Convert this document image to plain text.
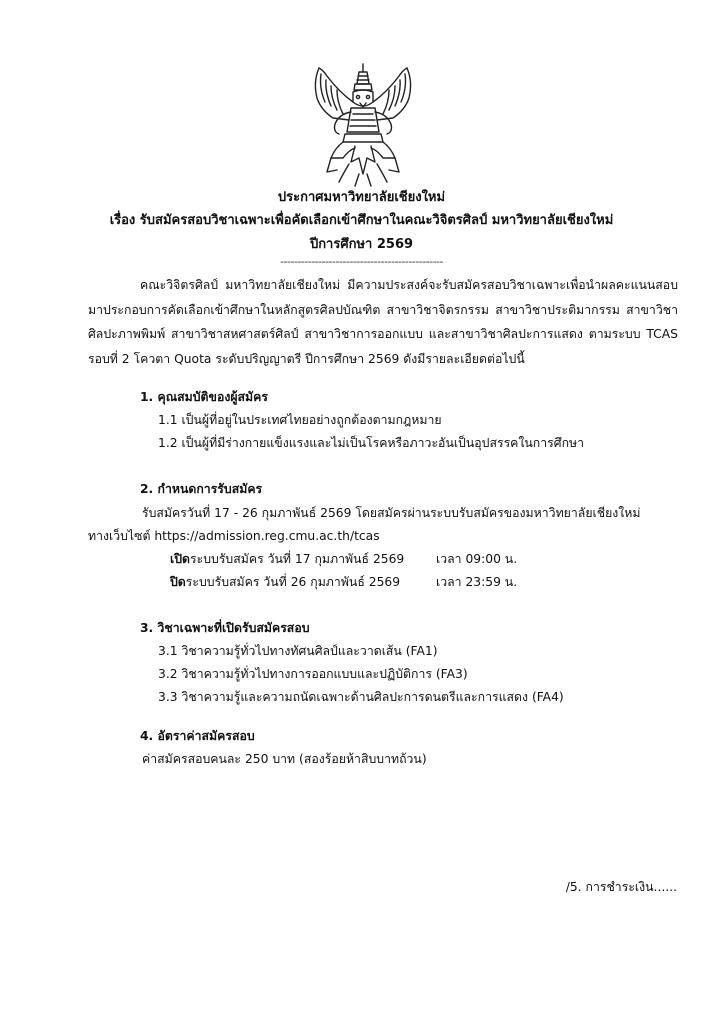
ประกาศมหาวิทยาลัยเชียงใหม่
เรื่อง รับสมัครสอบวิชาเฉพาะเพื่อคัดเลือกเข้าศึกษาในคณะวิจิตรศิลป์ มหาวิทยาลัยเชียงใหม่
ปีการศึกษา 2569
-----------------------------------------------
คณะวิจิตรศิลป์ มหาวิทยาลัยเชียงใหม่ มีความประสงค์จะรับสมัครสอบวิชาเฉพาะเพื่อนำผลคะแนนสอบ
มาประกอบการคัดเลือกเข้าศึกษาในหลักสูตรศิลปบัณฑิต สาขาวิชาจิตรกรรม สาขาวิชาประติมากรรม สาขาวิชา
ศิลปะภาพพิมพ์ สาขาวิชาสหศาสตร์ศิลป์ สาขาวิชาการออกแบบ และสาขาวิชาศิลปะการแสดง ตามระบบ TCAS
รอบที่ 2 โควตา Quota ระดับปริญญาตรี ปีการศึกษา 2569 ดังมีรายละเอียดต่อไปนี้
1. คุณสมบัติของผู้สมัคร
1.1 เป็นผู้ที่อยู่ในประเทศไทยอย่างถูกต้องตามกฎหมาย
1.2 เป็นผู้ที่มีร่างกายแข็งแรงและไม่เป็นโรคหรือภาวะอันเป็นอุปสรรคในการศึกษา
2. กำหนดการรับสมัคร
รับสมัครวันที่ 17 - 26 กุมภาพันธ์ 2569 โดยสมัครผ่านระบบรับสมัครของมหาวิทยาลัยเชียงใหม่
ทางเว็บไซต์ https://admission.reg.cmu.ac.th/tcas
เปิดระบบรับสมัคร วันที่ 17 กุมภาพันธ์ 2569	เวลา 09:00 น.
ปิดระบบรับสมัคร วันที่ 26 กุมภาพันธ์ 2569	เวลา 23:59 น.
3. วิชาเฉพาะที่เปิดรับสมัครสอบ
3.1 วิชาความรู้ทั่วไปทางทัศนศิลป์และวาดเส้น (FA1)
3.2 วิชาความรู้ทั่วไปทางการออกแบบและปฏิบัติการ (FA3)
3.3 วิชาความรู้และความถนัดเฉพาะด้านศิลปะการดนตรีและการแสดง (FA4)
4. อัตราค่าสมัครสอบ
ค่าสมัครสอบคนละ 250 บาท (สองร้อยห้าสิบบาทถ้วน)
/5. การชำระเงิน......
